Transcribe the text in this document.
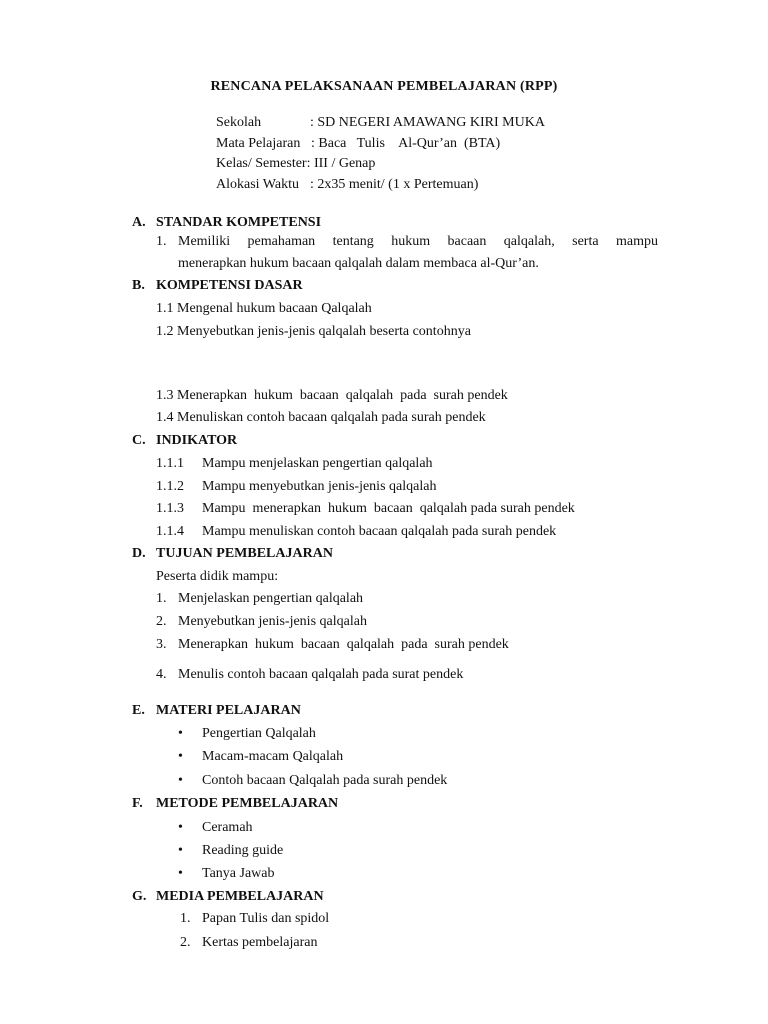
RENCANA PELAKSANAAN PEMBELAJARAN (RPP)
Sekolah	: SD NEGERI AMAWANG KIRI MUKA
Mata Pelajaran : Baca   Tulis    Al-Qur’an  (BTA)
Kelas/ Semester: III / Genap
Alokasi Waktu : 2x35 menit/ (1 x Pertemuan)
A. STANDAR KOMPETENSI
1. Memiliki pemahaman tentang hukum bacaan qalqalah, serta mampu
menerapkan hukum bacaan qalqalah dalam membaca al-Qur’an.
B. KOMPETENSI DASAR
1.1 Mengenal hukum bacaan Qalqalah
1.2 Menyebutkan jenis-jenis qalqalah beserta contohnya
1.3 Menerapkan  hukum  bacaan  qalqalah  pada  surah pendek
1.4 Menuliskan contoh bacaan qalqalah pada surah pendek
C. INDIKATOR
1.1.1 Mampu menjelaskan pengertian qalqalah
1.1.2 Mampu menyebutkan jenis-jenis qalqalah
1.1.3 Mampu  menerapkan  hukum  bacaan  qalqalah pada surah pendek
1.1.4 Mampu menuliskan contoh bacaan qalqalah pada surah pendek
D. TUJUAN PEMBELAJARAN
Peserta didik mampu:
1. Menjelaskan pengertian qalqalah
2. Menyebutkan jenis-jenis qalqalah
3. Menerapkan  hukum  bacaan  qalqalah  pada  surah pendek
4. Menulis contoh bacaan qalqalah pada surat pendek
E. MATERI PELAJARAN
• Pengertian Qalqalah
• Macam-macam Qalqalah
• Contoh bacaan Qalqalah pada surah pendek
F. METODE PEMBELAJARAN
• Ceramah
• Reading guide
• Tanya Jawab
G. MEDIA PEMBELAJARAN
1. Papan Tulis dan spidol
2. Kertas pembelajaran
